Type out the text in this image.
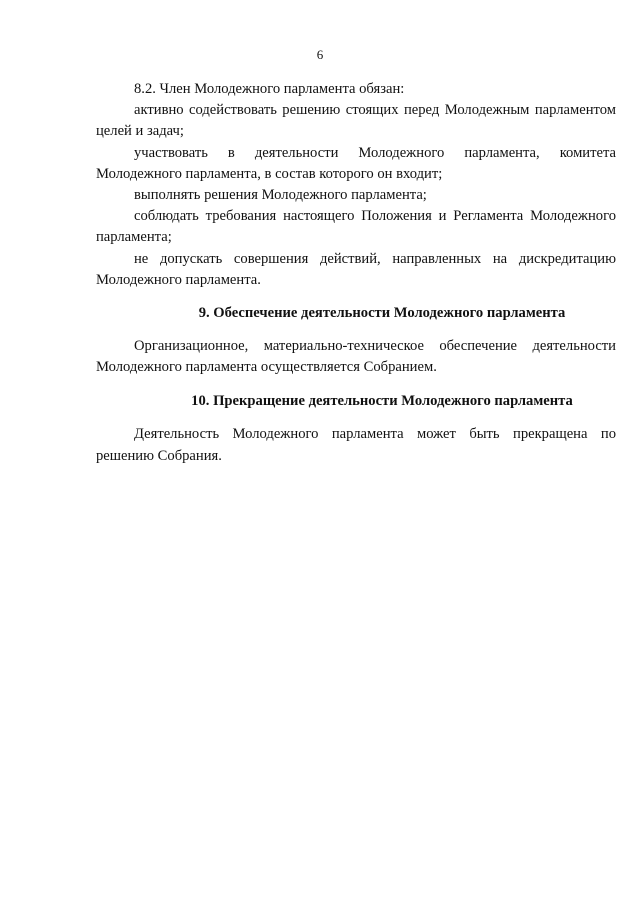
6

8.2. Член Молодежного парламента обязан:

активно содействовать решению стоящих перед Молодежным парламентом целей и задач;

участвовать в деятельности Молодежного парламента, комитета Молодежного парламента, в состав которого он входит;

выполнять решения Молодежного парламента;

соблюдать требования настоящего Положения и Регламента Молодежного парламента;

не допускать совершения действий, направленных на дискредитацию Молодежного парламента.

9. Обеспечение деятельности Молодежного парламента

Организационное, материально-техническое обеспечение деятельности Молодежного парламента осуществляется Собранием.

10. Прекращение деятельности Молодежного парламента

Деятельность Молодежного парламента может быть прекращена по решению Собрания.
